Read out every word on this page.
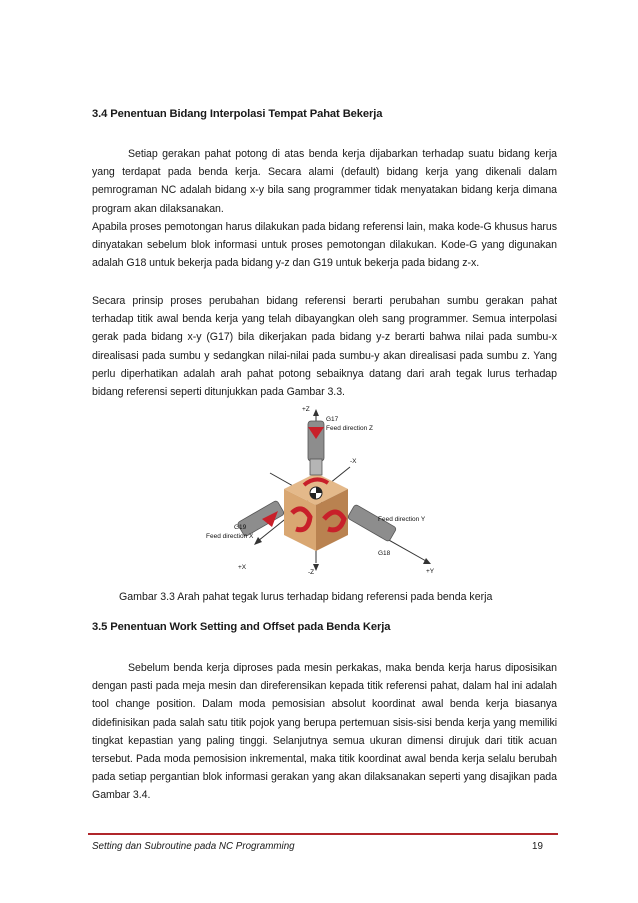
3.4 Penentuan Bidang Interpolasi Tempat Pahat Bekerja

Setiap gerakan pahat potong di atas benda kerja dijabarkan terhadap suatu bidang kerja yang terdapat pada benda kerja. Secara alami (default) bidang kerja yang dikenali dalam pemrograman NC adalah bidang x-y bila sang programmer tidak menyatakan bidang kerja dimana program akan dilaksanakan.

Apabila proses pemotongan harus dilakukan pada bidang referensi lain, maka kode-G khusus harus dinyatakan sebelum blok informasi untuk proses pemotongan dilakukan. Kode-G yang digunakan adalah G18 untuk bekerja pada bidang y-z dan G19 untuk bekerja pada bidang z-x.

Secara prinsip proses perubahan bidang referensi berarti perubahan sumbu gerakan pahat terhadap titik awal benda kerja yang telah dibayangkan oleh sang programmer. Semua interpolasi gerak pada bidang x-y (G17) bila dikerjakan pada bidang y-z berarti bahwa nilai pada sumbu-x direalisasi pada sumbu y sedangkan nilai-nilai pada sumbu-y akan direalisasi pada sumbu z. Yang perlu diperhatikan adalah arah pahat potong sebaiknya datang dari arah tegak lurus terhadap bidang referensi seperti ditunjukkan pada Gambar 3.3.

+Z
G17
Feed direction Z
-X
Feed direction Y
G19
Feed direction X
G18
+X
-Z	+Y

Gambar 3.3 Arah pahat tegak lurus terhadap bidang referensi pada benda kerja

3.5 Penentuan Work Setting and Offset pada Benda Kerja

Sebelum benda kerja diproses pada mesin perkakas, maka benda kerja harus diposisikan dengan pasti pada meja mesin dan direferensikan kepada titik referensi pahat, dalam hal ini adalah tool change position. Dalam moda pemosisian absolut koordinat awal benda kerja biasanya didefinisikan pada salah satu titik pojok yang berupa pertemuan sisis-sisi benda kerja yang memiliki tingkat kepastian yang paling tinggi. Selanjutnya semua ukuran dimensi dirujuk dari titik acuan tersebut. Pada moda pemosision inkremental, maka titik koordinat awal benda kerja selalu berubah pada setiap pergantian blok informasi gerakan yang akan dilaksanakan seperti yang disajikan pada Gambar 3.4.

Setting dan Subroutine pada NC Programming	19
